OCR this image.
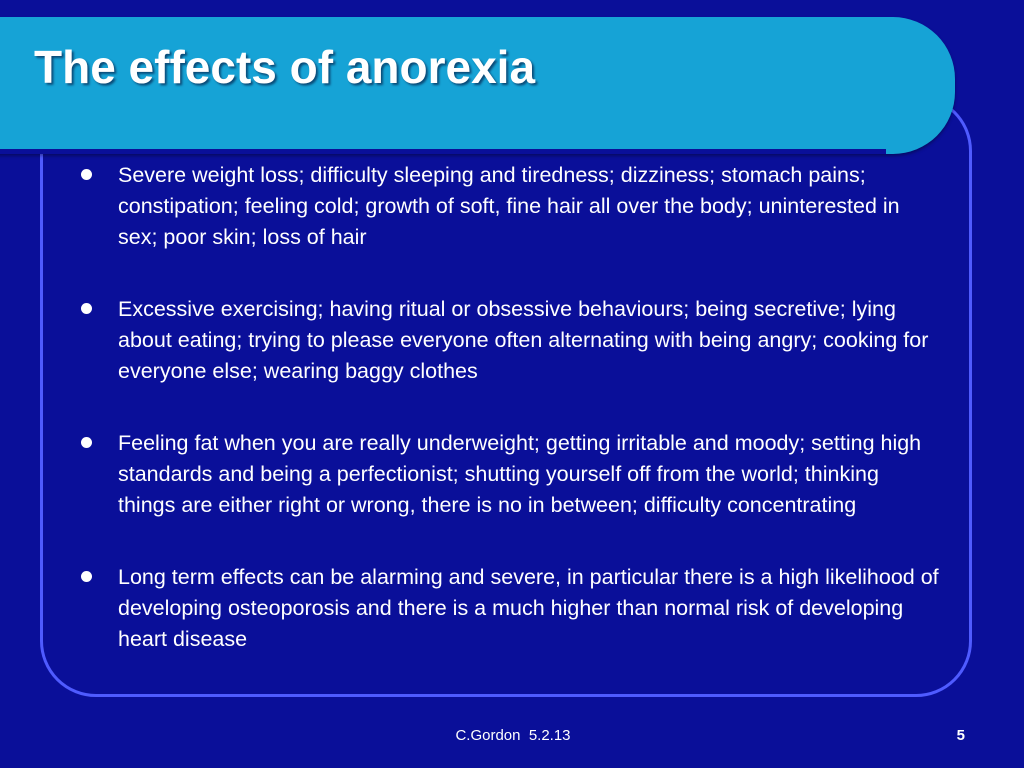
The effects of anorexia
Severe weight loss; difficulty sleeping and tiredness; dizziness; stomach pains; constipation; feeling cold; growth of soft, fine hair all over the body; uninterested in sex; poor skin; loss of hair
Excessive exercising; having ritual or obsessive behaviours; being secretive; lying about eating; trying to please everyone often alternating with being angry; cooking for everyone else; wearing baggy clothes
Feeling fat when you are really underweight; getting irritable and moody; setting high standards and being a perfectionist; shutting yourself off from the world; thinking things are either right or wrong, there is no in between; difficulty concentrating
Long term effects can be alarming and severe, in particular there is a high likelihood of developing osteoporosis and there is a much higher than normal risk of developing heart disease
C.Gordon  5.2.13	5
